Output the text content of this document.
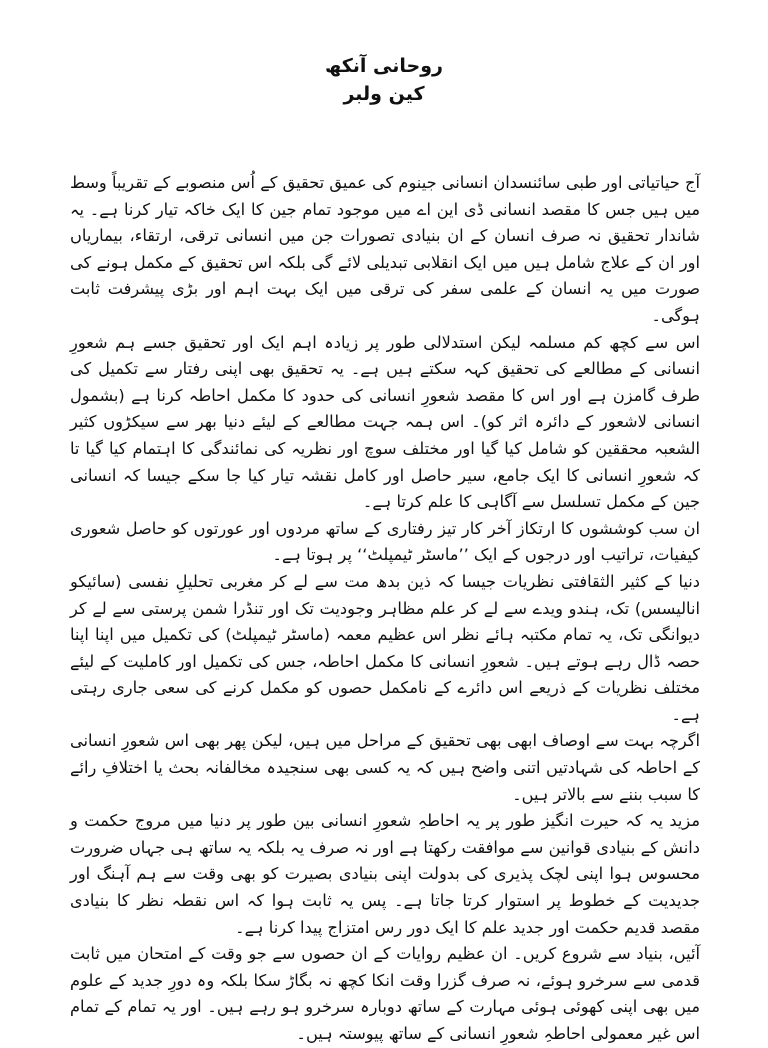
روحانی آنکھ

کین ولبر

آج حیاتیاتی اور طبی سائنسدان انسانی جینوم کی عمیق تحقیق کے اُس منصوبے کے تقریباً وسط میں ہیں جس کا مقصد انسانی ڈی این اے میں موجود تمام جین کا ایک خاکہ تیار کرنا ہے۔ یہ شاندار تحقیق نہ صرف انسان کے ان بنیادی تصورات جن میں انسانی ترقی، ارتقاء، بیماریاں اور ان کے علاج شامل ہیں میں ایک انقلابی تبدیلی لائے گی بلکہ اس تحقیق کے مکمل ہونے کی صورت میں یہ انسان کے علمی سفر کی ترقی میں ایک بہت اہم اور بڑی پیشرفت ثابت ہوگی۔

اس سے کچھ کم مسلمہ لیکن استدلالی طور پر زیادہ اہم ایک اور تحقیق جسے ہم شعورِ انسانی کے مطالعے کی تحقیق کہہ سکتے ہیں ہے۔ یہ تحقیق بھی اپنی رفتار سے تکمیل کی طرف گامزن ہے اور اس کا مقصد شعورِ انسانی کی حدود کا مکمل احاطہ کرنا ہے (بشمول انسانی لاشعور کے دائرہ اثر کو)۔ اس ہمہ جہت مطالعے کے لیئے دنیا بھر سے سیکڑوں کثیر الشعبہ محققین کو شامل کیا گیا اور مختلف سوچ اور نظریہ کی نمائندگی کا اہتمام کیا گیا تا کہ شعورِ انسانی کا ایک جامع، سیر حاصل اور کامل نقشہ تیار کیا جا سکے جیسا کہ انسانی جین کے مکمل تسلسل سے آگاہی کا علم کرتا ہے۔

ان سب کوششوں کا ارتکاز آخر کار تیز رفتاری کے ساتھ مردوں اور عورتوں کو حاصل شعوری کیفیات، تراتیب اور درجوں کے ایک ’’ماسٹر ٹیمپلٹ‘‘ پر ہوتا ہے۔

دنیا کے کثیر الثقافتی نظریات جیسا کہ ذین بدھ مت سے لے کر مغربی تحلیلِ نفسی (سائیکو انالیسس) تک، ہندو ویدے سے لے کر علم مظاہر وجودیت تک اور تنڈرا شمن پرستی سے لے کر دیوانگی تک، یہ تمام مکتبہ ہائے نظر اس عظیم معمہ (ماسٹر ٹیمپلٹ) کی تکمیل میں اپنا اپنا حصہ ڈال رہے ہوتے ہیں۔ شعورِ انسانی کا مکمل احاطہ، جس کی تکمیل اور کاملیت کے لیئے مختلف نظریات کے ذریعے اس دائرے کے نامکمل حصوں کو مکمل کرنے کی سعی جاری رہتی ہے۔

اگرچہ بہت سے اوصاف ابھی بھی تحقیق کے مراحل میں ہیں، لیکن پھر بھی اس شعورِ انسانی کے احاطہ کی شہادتیں اتنی واضح ہیں کہ یہ کسی بھی سنجیدہ مخالفانہ بحث یا اختلافِ رائے کا سبب بننے سے بالاتر ہیں۔

مزید یہ کہ حیرت انگیز طور پر یہ احاطہِ شعورِ انسانی بین طور پر دنیا میں مروج حکمت و دانش کے بنیادی قوانین سے موافقت رکھتا ہے اور نہ صرف یہ بلکہ یہ ساتھ ہی جہاں ضرورت محسوس ہوا اپنی لچک پذیری کی بدولت اپنی بنیادی بصیرت کو بھی وقت سے ہم آہنگ اور جدیدیت کے خطوط پر استوار کرتا جاتا ہے۔ پس یہ ثابت ہوا کہ اس نقطہ نظر کا بنیادی مقصد قدیم حکمت اور جدید علم کا ایک دور رس امتزاج پیدا کرنا ہے۔

آئیں، بنیاد سے شروع کریں۔ ان عظیم روایات کے ان حصوں سے جو وقت کے امتحان میں ثابت قدمی سے سرخرو ہوئے، نہ صرف گزرا وقت انکا کچھ نہ بگاڑ سکا بلکہ وہ دورِ جدید کے علوم میں بھی اپنی کھوئی ہوئی مہارت کے ساتھ دوبارہ سرخرو ہو رہے ہیں۔ اور یہ تمام کے تمام اس غیر معمولی احاطہِ شعورِ انسانی کے ساتھ پیوستہ ہیں۔
